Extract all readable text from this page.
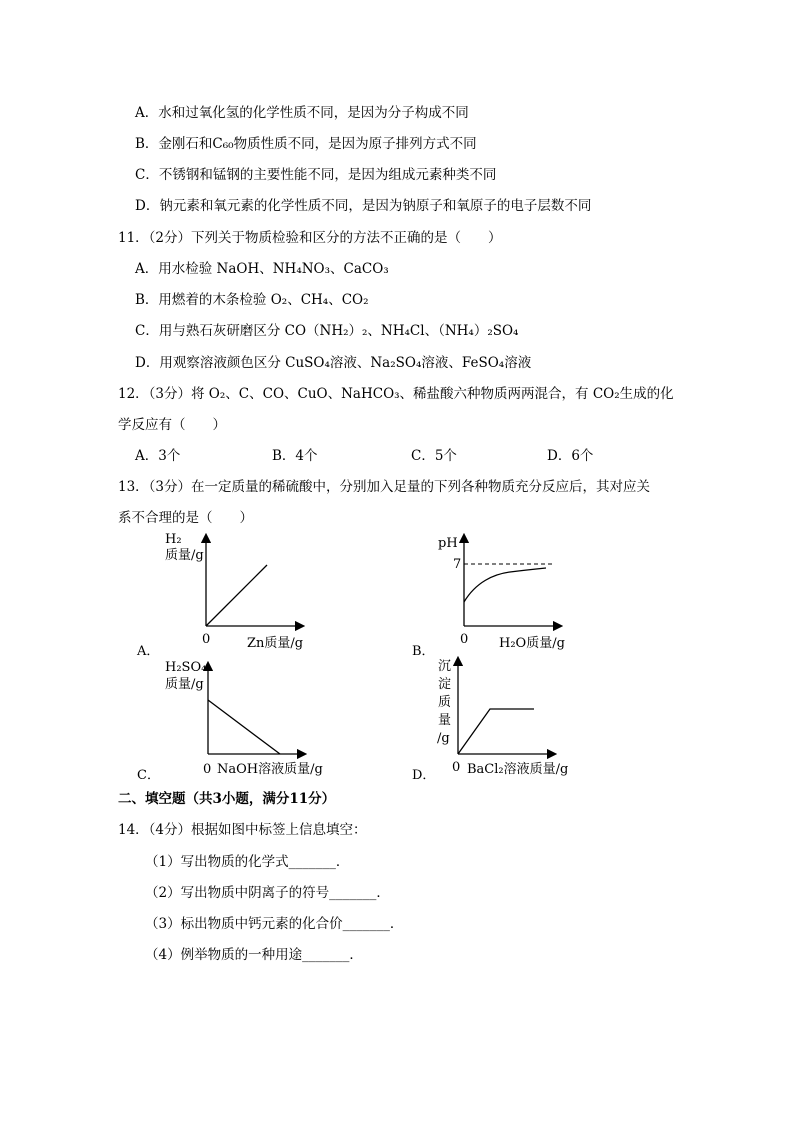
A．水和过氧化氢的化学性质不同，是因为分子构成不同
B．金刚石和C₆₀物质性质不同，是因为原子排列方式不同
C．不锈钢和锰钢的主要性能不同，是因为组成元素种类不同
D．钠元素和氧元素的化学性质不同，是因为钠原子和氧原子的电子层数不同
11．（2分）下列关于物质检验和区分的方法不正确的是（　　）
A．用水检验 NaOH、NH₄NO₃、CaCO₃
B．用燃着的木条检验 O₂、CH₄、CO₂
C．用与熟石灰研磨区分 CO（NH₂）₂、NH₄Cl、（NH₄）₂SO₄
D．用观察溶液颜色区分 CuSO₄溶液、Na₂SO₄溶液、FeSO₄溶液
12．（3分）将 O₂、C、CO、CuO、NaHCO₃、稀盐酸六种物质两两混合，有 CO₂生成的化
学反应有（　　）
A．3个	B．4个	C．5个	D．6个
13．（3分）在一定质量的稀硫酸中，分别加入足量的下列各种物质充分反应后，其对应关
系不合理的是（　　）
H₂
质量/g
0	Zn质量/g
A．
pH
7
0 H₂O质量/g
B．
H₂SO₄
质量/g
0 NaOH溶液质量/g
C．
沉
淀
质
量
/g
0 BaCl₂溶液质量/g
D．
二、填空题（共3小题，满分11分）
14．（4分）根据如图中标签上信息填空：
（1）写出物质的化学式_______．
（2）写出物质中阴离子的符号_______．
（3）标出物质中钙元素的化合价_______．
（4）例举物质的一种用途_______．
